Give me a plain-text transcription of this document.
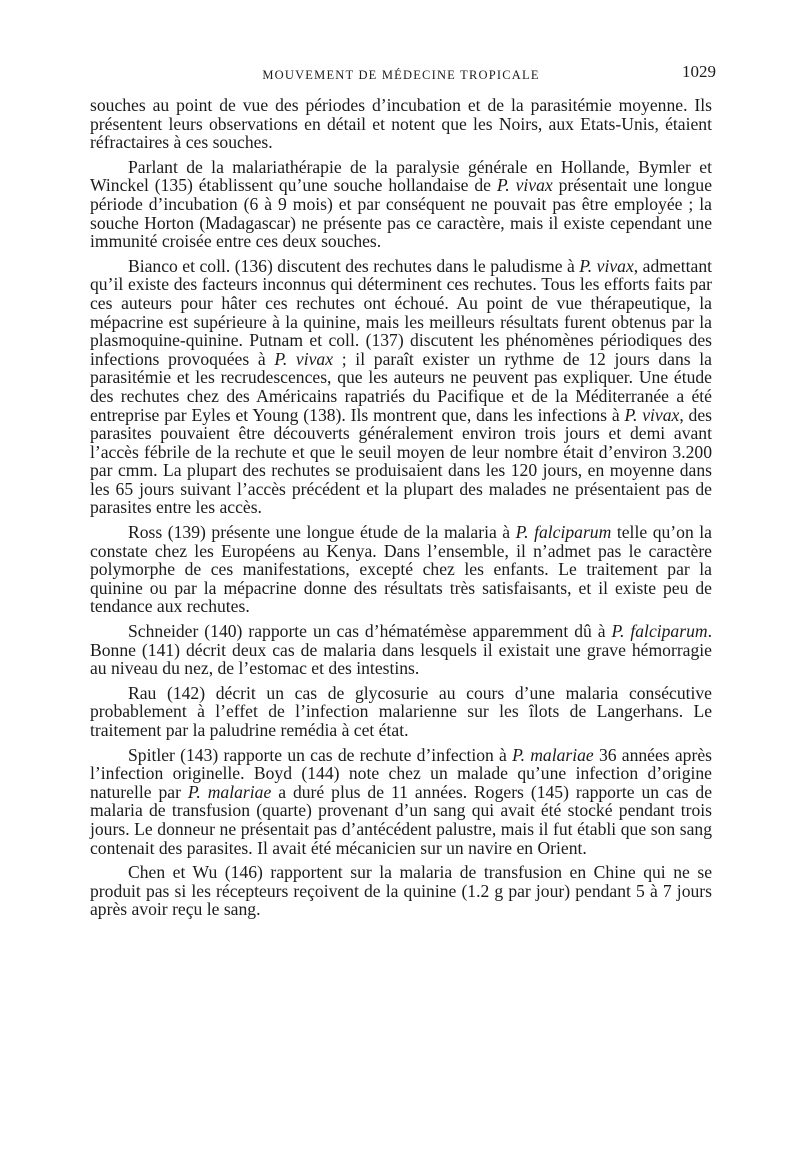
MOUVEMENT DE MÉDECINE TROPICALE	1029

souches au point de vue des périodes d’incubation et de la parasitémie moyenne. Ils présentent leurs observations en détail et notent que les Noirs, aux Etats-Unis, étaient réfractaires à ces souches.

Parlant de la malariathérapie de la paralysie générale en Hollande, Bymler et Winckel (135) établissent qu’une souche hollandaise de P. vivax présentait une longue période d’incubation (6 à 9 mois) et par conséquent ne pouvait pas être employée ; la souche Horton (Madagascar) ne présente pas ce caractère, mais il existe cependant une immunité croisée entre ces deux souches.

Bianco et coll. (136) discutent des rechutes dans le paludisme à P. vivax, admettant qu’il existe des facteurs inconnus qui déterminent ces rechutes. Tous les efforts faits par ces auteurs pour hâter ces rechutes ont échoué. Au point de vue thérapeutique, la mépacrine est supérieure à la quinine, mais les meilleurs résultats furent obtenus par la plasmoquine-quinine. Putnam et coll. (137) discutent les phénomènes périodiques des infections provoquées à P. vivax ; il paraît exister un rythme de 12 jours dans la parasitémie et les recrudescences, que les auteurs ne peuvent pas expliquer. Une étude des rechutes chez des Américains rapatriés du Pacifique et de la Méditerranée a été entreprise par Eyles et Young (138). Ils montrent que, dans les infections à P. vivax, des parasites pouvaient être découverts généralement environ trois jours et demi avant l’accès fébrile de la rechute et que le seuil moyen de leur nombre était d’environ 3.200 par cmm. La plupart des rechutes se produisaient dans les 120 jours, en moyenne dans les 65 jours suivant l’accès précédent et la plupart des malades ne présentaient pas de parasites entre les accès.

Ross (139) présente une longue étude de la malaria à P. falciparum telle qu’on la constate chez les Européens au Kenya. Dans l’ensemble, il n’admet pas le caractère polymorphe de ces manifestations, excepté chez les enfants. Le traitement par la quinine ou par la mépacrine donne des résultats très satisfaisants, et il existe peu de tendance aux rechutes.

Schneider (140) rapporte un cas d’hématémèse apparemment dû à P. falciparum. Bonne (141) décrit deux cas de malaria dans lesquels il existait une grave hémorragie au niveau du nez, de l’estomac et des intestins.

Rau (142) décrit un cas de glycosurie au cours d’une malaria consécutive probablement à l’effet de l’infection malarienne sur les îlots de Langerhans. Le traitement par la paludrine remédia à cet état.

Spitler (143) rapporte un cas de rechute d’infection à P. malariae 36 années après l’infection originelle. Boyd (144) note chez un malade qu’une infection d’origine naturelle par P. malariae a duré plus de 11 années. Rogers (145) rapporte un cas de malaria de transfusion (quarte) provenant d’un sang qui avait été stocké pendant trois jours. Le donneur ne présentait pas d’antécédent palustre, mais il fut établi que son sang contenait des parasites. Il avait été mécanicien sur un navire en Orient.

Chen et Wu (146) rapportent sur la malaria de transfusion en Chine qui ne se produit pas si les récepteurs reçoivent de la quinine (1.2 g par jour) pendant 5 à 7 jours après avoir reçu le sang.
